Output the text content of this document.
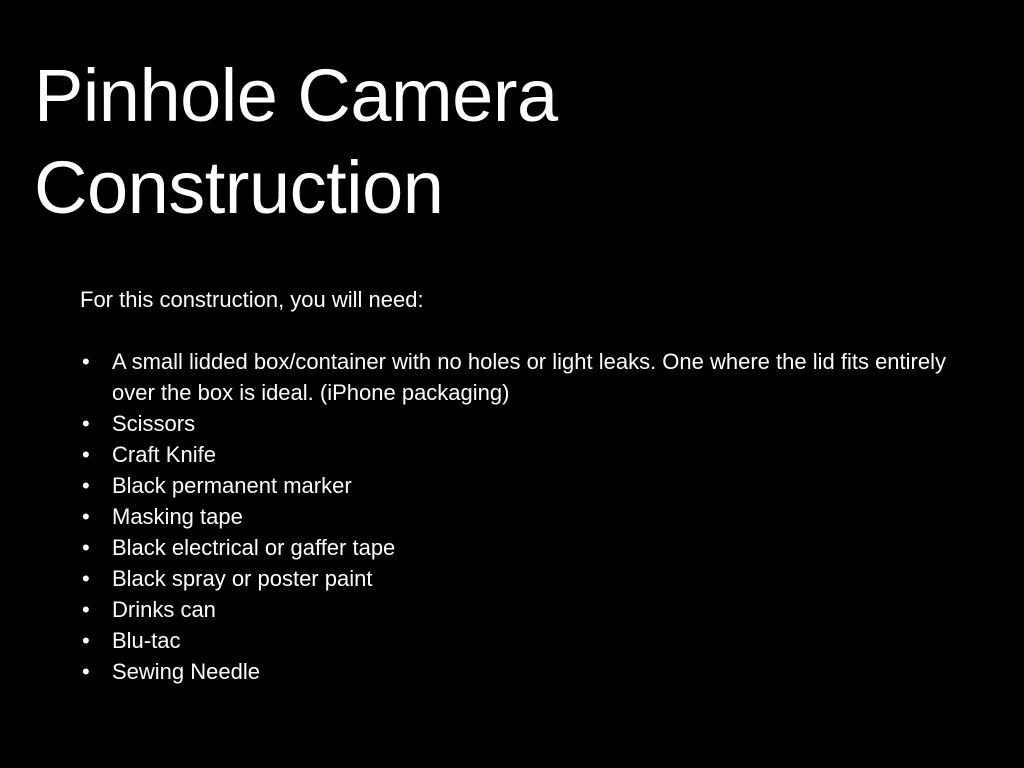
Pinhole Camera
Construction

For this construction, you will need:

• A small lidded box/container with no holes or light leaks. One where the lid fits entirely over the box is ideal. (iPhone packaging)
• Scissors
• Craft Knife
• Black permanent marker
• Masking tape
• Black electrical or gaffer tape
• Black spray or poster paint
• Drinks can
• Blu-tac
• Sewing Needle
